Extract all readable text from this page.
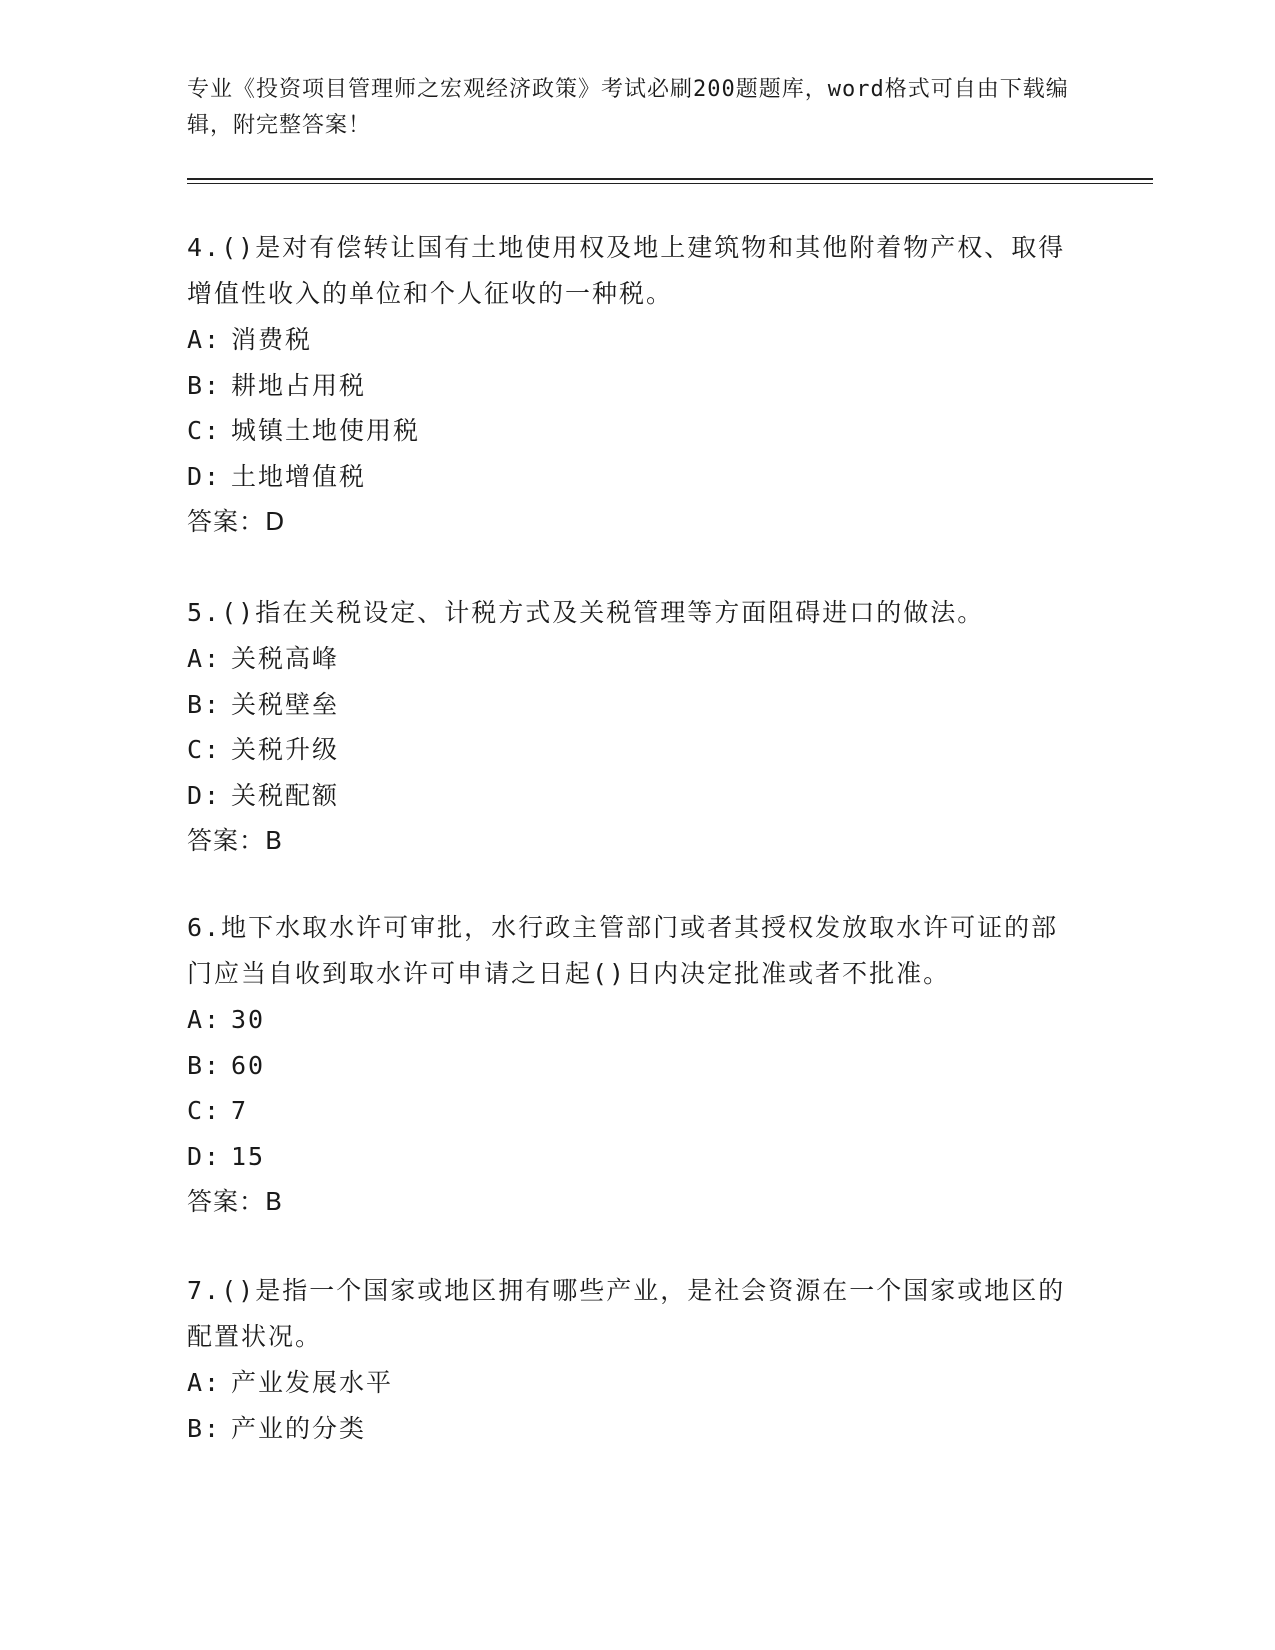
专业《投资项目管理师之宏观经济政策》考试必刷200题题库，word格式可自由下载编辑，附完整答案！
4.()是对有偿转让国有土地使用权及地上建筑物和其他附着物产权、取得增值性收入的单位和个人征收的一种税。
A: 消费税
B: 耕地占用税
C: 城镇土地使用税
D: 土地增值税
答案：D
5.()指在关税设定、计税方式及关税管理等方面阻碍进口的做法。
A: 关税高峰
B: 关税壁垒
C: 关税升级
D: 关税配额
答案：B
6.地下水取水许可审批，水行政主管部门或者其授权发放取水许可证的部门应当自收到取水许可申请之日起()日内决定批准或者不批准。
A: 30
B: 60
C: 7
D: 15
答案：B
7.()是指一个国家或地区拥有哪些产业，是社会资源在一个国家或地区的配置状况。
A: 产业发展水平
B: 产业的分类
